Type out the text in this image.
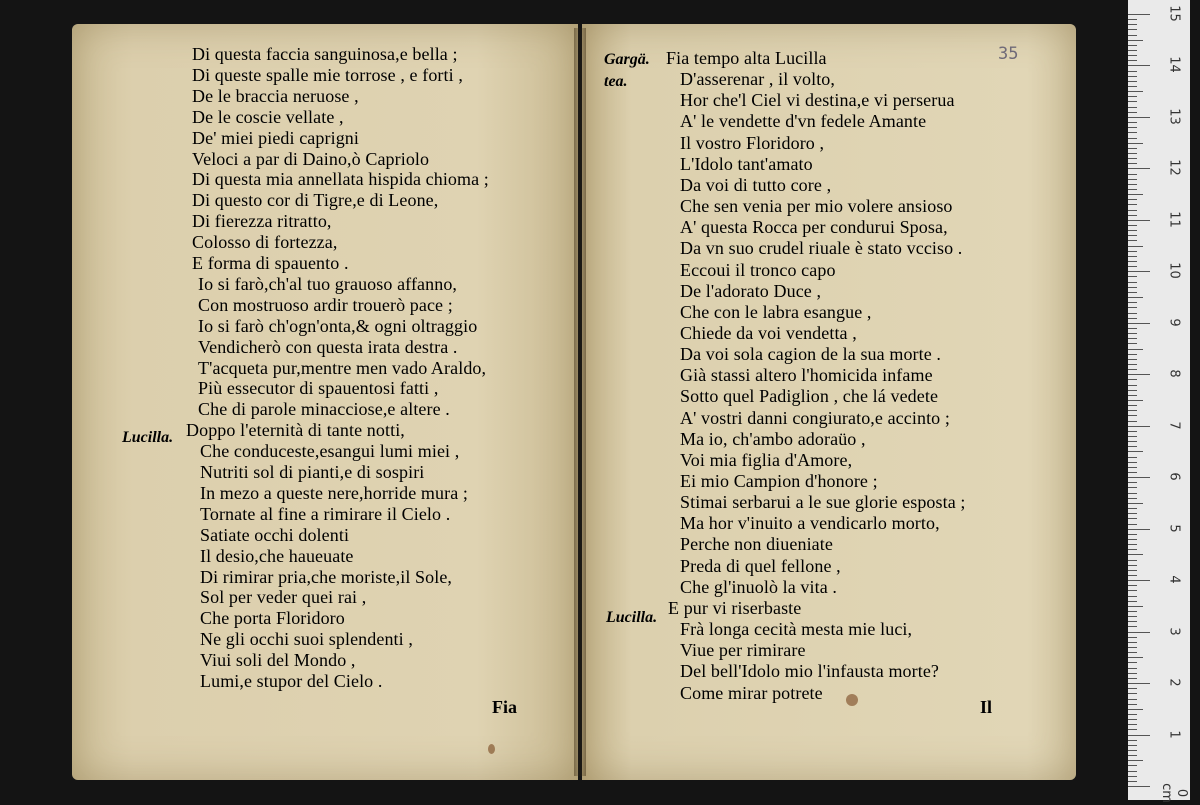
Di questa faccia sanguinosa,e bella ;
Di queste spalle mie torrose , e forti ,
De le braccia neruose ,
De le coscie vellate ,
De' miei piedi caprigni
Veloci a par di Daino,ò Capriolo
Di questa mia annellata hispida chioma ;
Di questo cor di Tigre,e di Leone,
Di fierezza ritratto,
Colosso di fortezza,
E forma di spauento .
Io si farò,ch'al tuo grauoso affanno,
Con mostruoso ardir trouerò pace ;
Io si farò ch'ogn'onta,& ogni oltraggio
Vendicherò con questa irata destra .
T'acqueta pur,mentre men vado Araldo,
Più essecutor di spauentosi fatti ,
Che di parole minacciose,e altere .
Doppo l'eternità di tante notti,
Che conduceste,esangui lumi miei ,
Nutriti sol di pianti,e di sospiri
In mezo a queste nere,horride mura ;
Tornate al fine a rimirare il Cielo .
Satiate occhi dolenti
Il desio,che haueuate
Di rimirar pria,che moriste,il Sole,
Sol per veder quei rai ,
Che porta Floridoro
Ne gli occhi suoi splendenti ,
Viui soli del Mondo ,
Lumi,e stupor del Cielo .
Lucilla.
Fia
35
Gargä.
tea.
Fia tempo alta Lucilla
D'asserenar , il volto,
Hor che'l Ciel vi destina,e vi perserua
A' le vendette d'vn fedele Amante
Il vostro Floridoro ,
L'Idolo tant'amato
Da voi di tutto core ,
Che sen venia per mio volere ansioso
A' questa Rocca per condurui Sposa,
Da vn suo crudel riuale è stato vcciso .
Eccoui il tronco capo
De l'adorato Duce ,
Che con le labra esangue ,
Chiede da voi vendetta ,
Da voi sola cagion de la sua morte .
Già stassi altero l'homicida infame
Sotto quel Padiglion , che lá vedete
A' vostri danni congiurato,e accinto ;
Ma io, ch'ambo adoraüo ,
Voi mia figlia d'Amore,
Ei mio Campion d'honore ;
Stimai serbarui a le sue glorie esposta ;
Ma hor v'inuito a vendicarlo morto,
Perche non diueniate
Preda di quel fellone ,
Che gl'inuolò la vita .
E pur vi riserbaste
Frà longa cecità mesta mie luci,
Viue per rimirare
Del bell'Idolo mio l'infausta morte?
Come mirar potrete
Lucilla.
Il
15
14
13
12
11
10
9
8
7
6
5
4
3
2
1
0 cm
